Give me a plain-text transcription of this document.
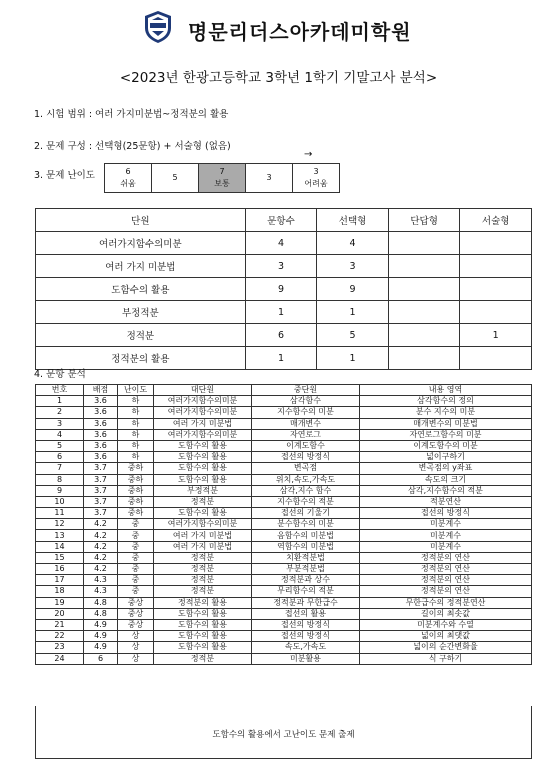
명문리더스아카데미학원
<2023년 한광고등학교 3학년 1학기 기말고사 분석>
1. 시험 범위 : 여러 가지미분법~정적분의 활용
2. 문제 구성 : 선택형(25문항) + 서술형 (없음)
3. 문제 난이도
→
6
쉬움

5

7
보통

3

3
어려움
단원	문항수	선택형	단답형	서술형
여러가지함수의미분	4	4		
여러 가지 미분법	3	3		
도함수의 활용	9	9		
부정적분	1	1		
정적분	6	5		1
정적분의 활용	1	1		
4. 문항 분석
번호	배점	난이도	대단원	중단원	내용 영역
1	3.6	하	여러가지함수의미분	삼각함수	삼각함수의 정의
2	3.6	하	여러가지함수의미분	지수함수의 미분	분수 지수의 미분
3	3.6	하	여러 가지 미분법	매개변수	매개변수의 미분법
4	3.6	하	여러가지함수의미분	자연로그	자연로그함수의 미분
5	3.6	하	도함수의 활용	이계도함수	이계도함수의 미분
6	3.6	하	도함수의 활용	접선의 방정식	넓이구하기
7	3.7	중하	도함수의 활용	변곡점	변곡점의 y좌표
8	3.7	중하	도함수의 활용	위치,속도,가속도	속도의 크기
9	3.7	중하	부정적분	삼각,지수 함수	삼각,지수함수의 적분
10	3.7	중하	정적분	지수함수의 적분	적분연산
11	3.7	중하	도함수의 활용	접선의 기울기	접선의 방정식
12	4.2	중	여러가지함수의미분	분수함수의 미분	미분계수
13	4.2	중	여러 가지 미분법	음함수의 미분법	미분계수
14	4.2	중	여러 가지 미분법	역함수의 미분법	미분계수
15	4.2	중	정적분	치환적분법	정적분의 연산
16	4.2	중	정적분	부분적분법	정적분의 연산
17	4.3	중	정적분	정적분과 상수	정적분의 연산
18	4.3	중	정적분	무리함수의 적분	정적분의 연산
19	4.8	중상	정적분의 활용	정적분과 무한급수	무한급수의 정적분연산
20	4.8	중상	도함수의 활용	접선의 활용	길이의 최솟값
21	4.9	중상	도함수의 활용	접선의 방정식	미분계수와 수열
22	4.9	상	도함수의 활용	접선의 방정식	넓이의 최댓값
23	4.9	상	도함수의 활용	속도,가속도	넓이의 순간변화율
24	6	상	정적분	미분활용	식 구하기
도함수의 활용에서 고난이도 문제 출제
